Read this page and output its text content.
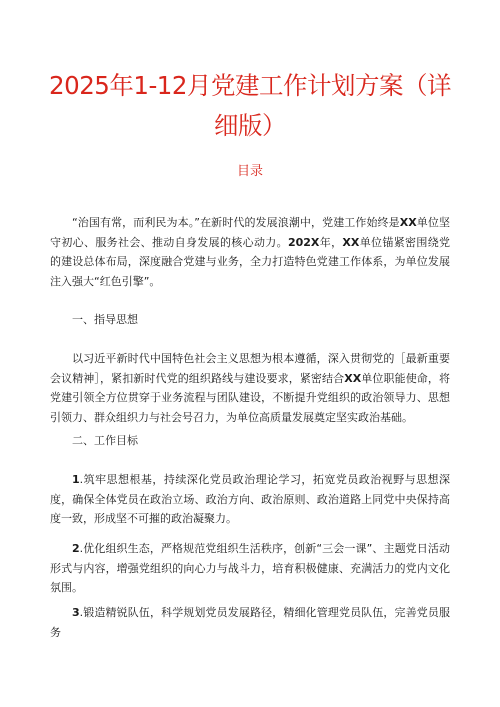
2025年1-12月党建工作计划方案（详细版）
目录

“治国有常，而利民为本。”在新时代的发展浪潮中，党建工作始终是XX单位坚守初心、服务社会、推动自身发展的核心动力。202X年，XX单位锚紧密围绕党的建设总体布局，深度融合党建与业务，全力打造特色党建工作体系，为单位发展注入强大“红色引擎”。

一、指导思想

以习近平新时代中国特色社会主义思想为根本遵循，深入贯彻党的［最新重要会议精神］，紧扣新时代党的组织路线与建设要求，紧密结合XX单位职能使命，将党建引领全方位贯穿于业务流程与团队建设，不断提升党组织的政治领导力、思想引领力、群众组织力与社会号召力，为单位高质量发展奠定坚实政治基础。

二、工作目标

1.筑牢思想根基，持续深化党员政治理论学习，拓宽党员政治视野与思想深度，确保全体党员在政治立场、政治方向、政治原则、政治道路上同党中央保持高度一致，形成坚不可摧的政治凝聚力。

2.优化组织生态，严格规范党组织生活秩序，创新“三会一课”、主题党日活动形式与内容，增强党组织的向心力与战斗力，培育积极健康、充满活力的党内文化氛围。

3.锻造精锐队伍，科学规划党员发展路径，精细化管理党员队伍，完善党员服务
